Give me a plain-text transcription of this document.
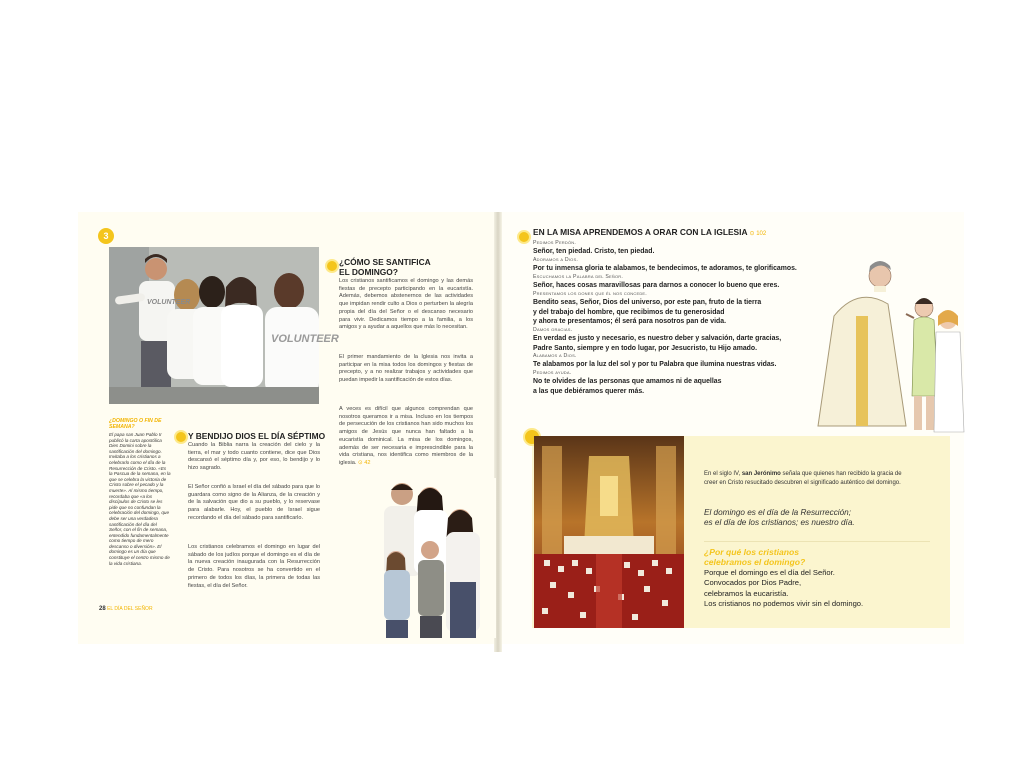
3
VOLUNTEER
VOLUNTEER
¿DOMINGO O FIN DE SEMANA?
El papa san Juan Pablo II publicó la carta apostólica Dies Domini sobre la santificación del domingo. Invitaba a los cristianos a celebrarlo como el día de la Resurrección de Cristo. «Es la Pascua de la semana, en la que se celebra la victoria de Cristo sobre el pecado y la muerte». Al mismo tiempo, recordaba que «a los discípulos de Cristo se les pide que no confundan la celebración del domingo, que debe ser una verdadera santificación del día del Señor, con el fin de semana, entendido fundamentalmente como tiempo de mero descanso o diversión». El domingo es un día que constituye el centro mismo de la vida cristiana.
Y BENDIJO DIOS EL DÍA SÉPTIMO
Cuando la Biblia narra la creación del cielo y la tierra, el mar y todo cuanto contiene, dice que Dios descansó el séptimo día y, por eso, lo bendijo y lo hizo sagrado.
El Señor confió a Israel el día del sábado para que lo guardara como signo de la Alianza, de la creación y de la salvación que dio a su pueblo, y lo reservase para alabarle. Hoy, el pueblo de Israel sigue recordando el día del sábado para santificarlo.
Los cristianos celebramos el domingo en lugar del sábado de los judíos porque el domingo es el día de la nueva creación inaugurada con la Resurrección de Cristo. Para nosotros se ha convertido en el primero de todos los días, la primera de todas las fiestas, el día del Señor.
¿CÓMO SE SANTIFICA
EL DOMINGO?
Los cristianos santificamos el domingo y las demás fiestas de precepto participando en la eucaristía. Además, debemos abstenernos de las actividades que impidan rendir culto a Dios o perturben la alegría propia del día del Señor o el descanso necesario para vivir. Dedicamos tiempo a la familia, a los amigos y a ayudar a aquellos que más lo necesitan.
El primer mandamiento de la Iglesia nos invita a participar en la misa todos los domingos y fiestas de precepto, y a no realizar trabajos y actividades que puedan impedir la santificación de estos días.
A veces es difícil que algunos comprendan que nosotros queramos ir a misa. Incluso en los tiempos de persecución de los cristianos han sido muchos los amigos de Jesús que nunca han faltado a la eucaristía dominical. La misa de los domingos, además de ser necesaria e imprescindible para la vida cristiana, nos identifica como miembros de la iglesia. ⊙ 42
28 EL DÍA DEL SEÑOR
EN LA MISA APRENDEMOS A ORAR CON LA IGLESIA ⊙ 102
Pedimos Perdón.
Señor, ten piedad. Cristo, ten piedad.
Adoramos a Dios.
Por tu inmensa gloria te alabamos, te bendecimos, te adoramos, te glorificamos.
Escuchamos la Palabra del Señor.
Señor, haces cosas maravillosas para darnos a conocer lo bueno que eres.
Presentamos los dones que él nos concede.
Bendito seas, Señor, Dios del universo, por este pan, fruto de la tierra
y del trabajo del hombre, que recibimos de tu generosidad
y ahora te presentamos; él será para nosotros pan de vida.
Damos gracias.
En verdad es justo y necesario, es nuestro deber y salvación, darte gracias,
Padre Santo, siempre y en todo lugar, por Jesucristo, tu Hijo amado.
Alabamos a Dios.
Te alabamos por la luz del sol y por tu Palabra que ilumina nuestras vidas.
Pedimos ayuda.
No te olvides de las personas que amamos ni de aquellas
a las que debiéramos querer más.
En el siglo IV, san Jerónimo señala que quienes han recibido la gracia de creer en Cristo resucitado descubren el significado auténtico del domingo.
El domingo es el día de la Resurrección;
es el día de los cristianos; es nuestro día.
¿Por qué los cristianos
celebramos el domingo?
Porque el domingo es el día del Señor.
Convocados por Dios Padre,
celebramos la eucaristía.
Los cristianos no podemos vivir sin el domingo.
